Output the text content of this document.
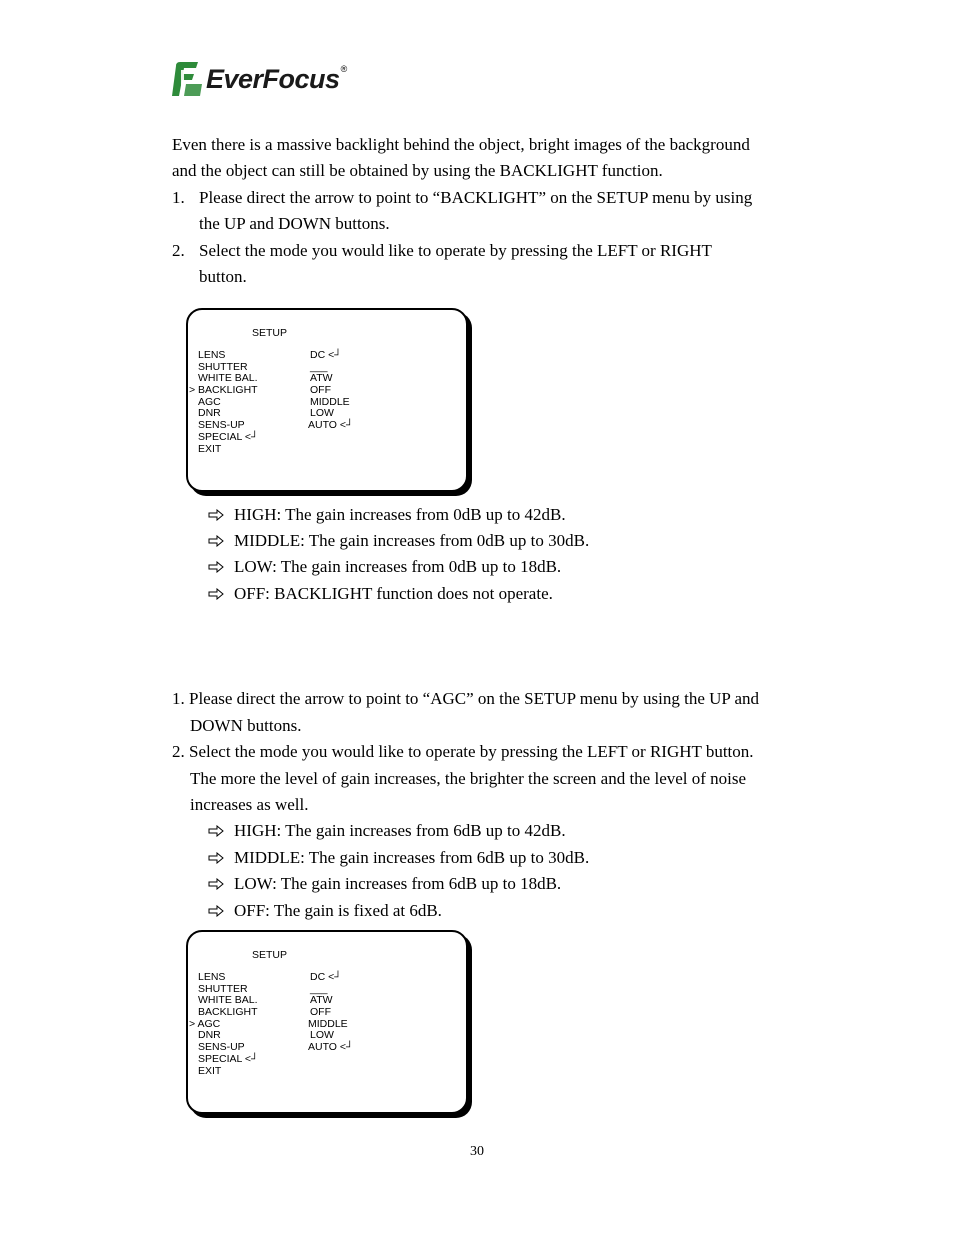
EverFocus ®
Even there is a massive backlight behind the object, bright images of the background
and the object can still be obtained by using the BACKLIGHT function.
1. Please direct the arrow to point to “BACKLIGHT” on the SETUP menu by using
the UP and DOWN buttons.
2. Select the mode you would like to operate by pressing the LEFT or RIGHT
button.
SETUP
LENS	DC <┘
SHUTTER	___
WHITE BAL.	ATW
> BACKLIGHT	OFF
AGC	MIDDLE
DNR	LOW
SENS-UP	AUTO <┘
SPECIAL <┘
EXIT
HIGH: The gain increases from 0dB up to 42dB.
MIDDLE: The gain increases from 0dB up to 30dB.
LOW: The gain increases from 0dB up to 18dB.
OFF: BACKLIGHT function does not operate.
1. Please direct the arrow to point to “AGC” on the SETUP menu by using the UP and
DOWN buttons.
2. Select the mode you would like to operate by pressing the LEFT or RIGHT button.
The more the level of gain increases, the brighter the screen and the level of noise
increases as well.
HIGH: The gain increases from 6dB up to 42dB.
MIDDLE: The gain increases from 6dB up to 30dB.
LOW: The gain increases from 6dB up to 18dB.
OFF: The gain is fixed at 6dB.
SETUP
LENS	DC <┘
SHUTTER	___
WHITE BAL.	ATW
BACKLIGHT	OFF
> AGC	MIDDLE
DNR	LOW
SENS-UP	AUTO <┘
SPECIAL <┘
EXIT
30
